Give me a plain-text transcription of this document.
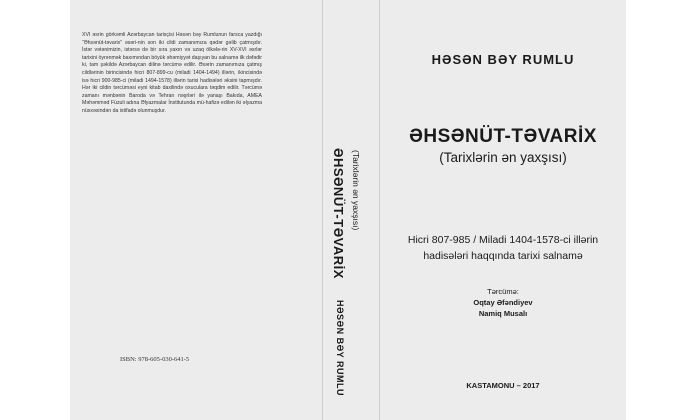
XVI əsrin görkəmli Azərbaycan tarixçisi Həsən bəy Rumlunun farsca yazdığı “Əhsənüt-təvarix” əsəri-nin son iki cildi zamanımıza qədər gəlib çatmışdır. İstər vətənimizin, istərsə də bir sıra yaxın və uzaq ölkələ-rin XV-XVI əsrlər tarixini öyrənmək baxımından böyük əhəmiyyət daşıyan bu salnamə ilk dəfədir ki, tam şəkildə Azərbaycan dilinə tərcümə edilir. Əsərin zamanımıza çatmış cildlərinin birincisində hicri 807-899-cu (miladi 1404-1494) illərin, ikincisində isə hicri 900-985-ci (miladi 1494-1578) illərin tarixi hadisələri əksini tapmışdır. Hər iki cildin tərcüməsi eyni kitab daxilində oxuculara təqdim edilir. Tərcümə zamanı mənbənin Baroda və Tehran nəşrləri ilə yanaşı Bakıda, AMEA Məhəmməd Füzuli adına Əlyazmalar İnstitutunda mü-hafizə edilən iki əlyazma nüsxəsindən da istifadə olunmuşdur.

ISBN: 978-605-030-641-5
ƏHSƏNÜT-TƏVARİX (Tarixlərin ən yaxşısı)
HƏSƏN BƏY RUMLU
HƏSƏN BƏY RUMLU
ƏHSƏNÜT-TƏVARİX
(Tarixlərin ən yaxşısı)
Hicri 807-985 / Miladi 1404-1578-ci illərin
hadisələri haqqında tarixi salnamə
Tərcümə:
Oqtay Əfəndiyev
Namiq Musalı
KASTAMONU – 2017
